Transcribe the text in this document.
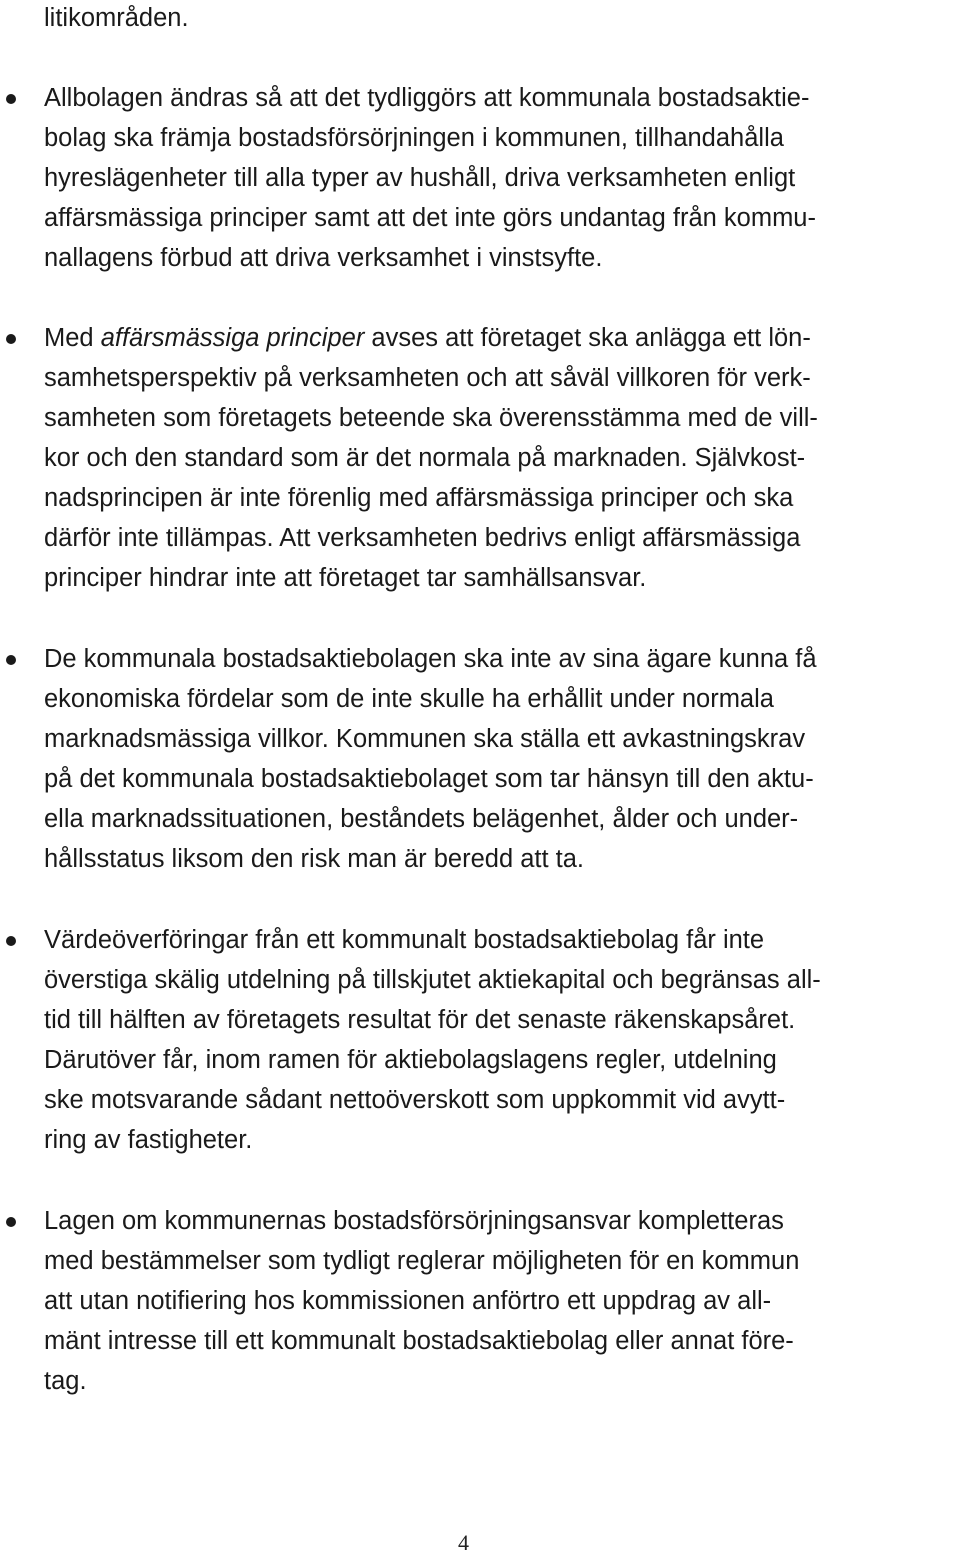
litikområden.

Allbolagen ändras så att det tydliggörs att kommunala bostadsaktie-

bolag ska främja bostadsförsörjningen i kommunen, tillhandahålla

hyreslägenheter till alla typer av hushåll, driva verksamheten enligt

affärsmässiga principer samt att det inte görs undantag från kommu-

nallagens förbud att driva verksamhet i vinstsyfte.

Med affärsmässiga principer avses att företaget ska anlägga ett lön-

samhetsperspektiv på verksamheten och att såväl villkoren för verk-

samheten som företagets beteende ska överensstämma med de vill-

kor och den standard som är det normala på marknaden. Självkost-

nadsprincipen är inte förenlig med affärsmässiga principer och ska

därför inte tillämpas. Att verksamheten bedrivs enligt affärsmässiga

principer hindrar inte att företaget tar samhällsansvar.

De kommunala bostadsaktiebolagen ska inte av sina ägare kunna få

ekonomiska fördelar som de inte skulle ha erhållit under normala

marknadsmässiga villkor. Kommunen ska ställa ett avkastningskrav

på det kommunala bostadsaktiebolaget som tar hänsyn till den aktu-

ella marknadssituationen, beståndets belägenhet, ålder och under-

hållsstatus liksom den risk man är beredd att ta.

Värdeöverföringar från ett kommunalt bostadsaktiebolag får inte

överstiga skälig utdelning på tillskjutet aktiekapital och begränsas all-

tid till hälften av företagets resultat för det senaste räkenskapsåret.

Därutöver får, inom ramen för aktiebolagslagens regler, utdelning

ske motsvarande sådant nettoöverskott som uppkommit vid avytt-

ring av fastigheter.

Lagen om kommunernas bostadsförsörjningsansvar kompletteras

med bestämmelser som tydligt reglerar möjligheten för en kommun

att utan notifiering hos kommissionen anförtro ett uppdrag av all-

mänt intresse till ett kommunalt bostadsaktiebolag eller annat före-

tag.

4
